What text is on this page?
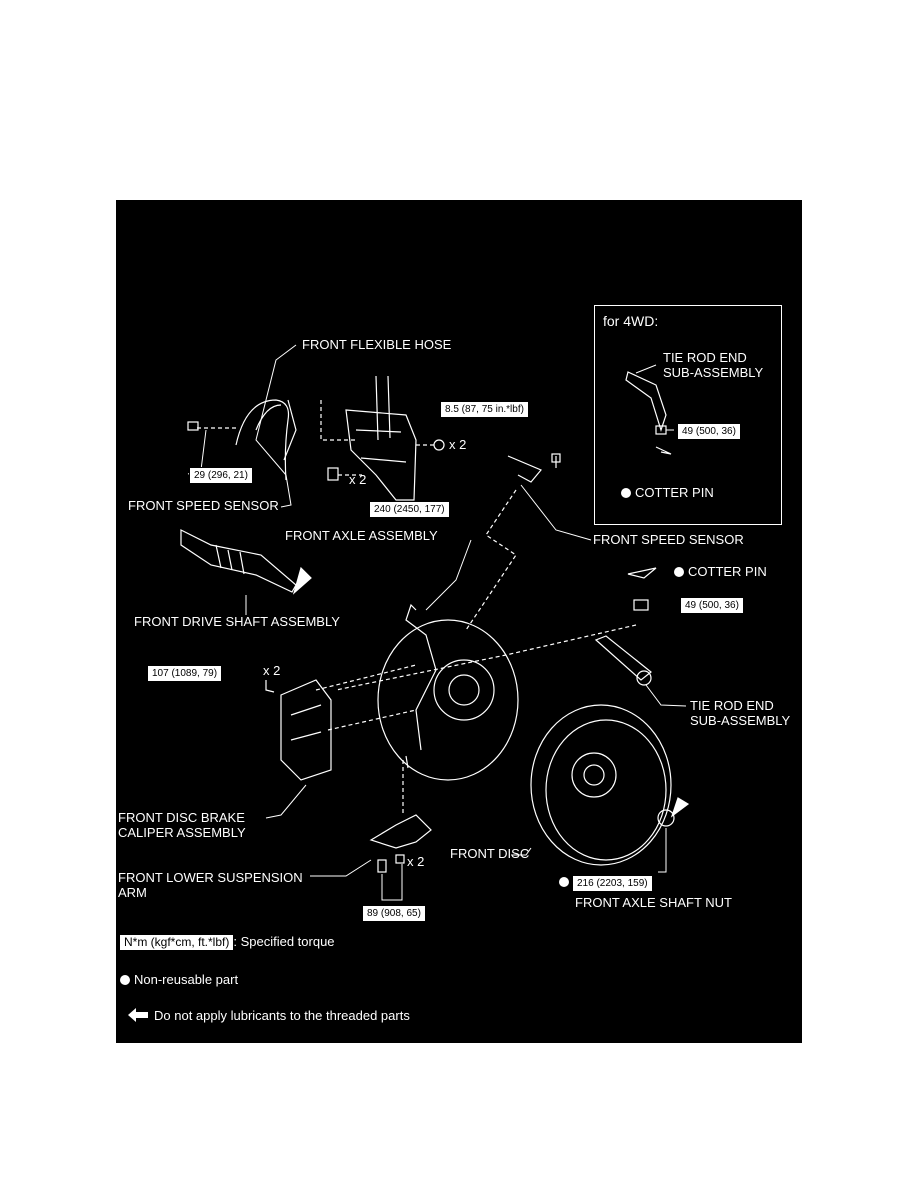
for 4WD:
TIE ROD END
SUB-ASSEMBLY
49 (500, 36)
COTTER PIN
FRONT FLEXIBLE HOSE
8.5 (87, 75 in.*lbf)
x 2
29 (296, 21)	x 2
FRONT SPEED SENSOR	240 (2450, 177)
FRONT AXLE ASSEMBLY	FRONT SPEED SENSOR
COTTER PIN
49 (500, 36)
FRONT DRIVE SHAFT ASSEMBLY
107 (1089, 79)	x 2
TIE ROD END
SUB-ASSEMBLY
FRONT DISC BRAKE
CALIPER ASSEMBLY
FRONT DISC
x 2
FRONT LOWER SUSPENSION
ARM
216 (2203, 159)
FRONT AXLE SHAFT NUT
89 (908, 65)
N*m (kgf*cm, ft.*lbf) : Specified torque
Non-reusable part
Do not apply lubricants to the threaded parts
